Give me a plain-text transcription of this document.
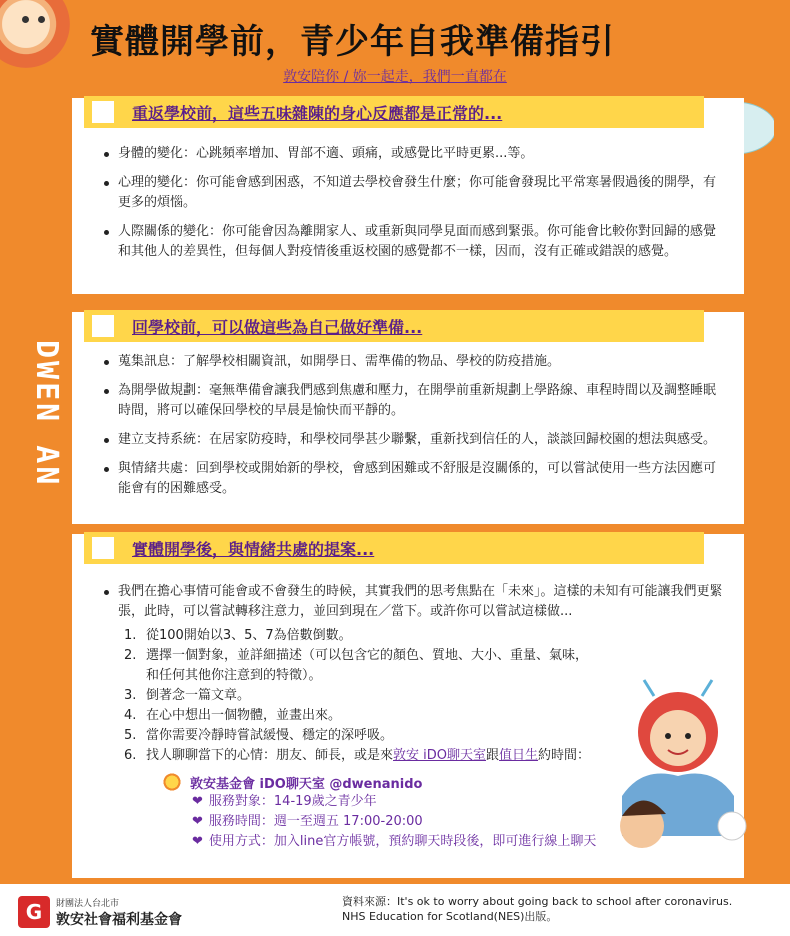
實體開學前，青少年自我準備指引
敦安陪你 / 妳一起走，我們一直都在
DWEN AN
重返學校前，這些五味雜陳的身心反應都是正常的...
身體的變化：心跳頻率增加、胃部不適、頭痛，或感覺比平時更累...等。
心理的變化：你可能會感到困惑，不知道去學校會發生什麼；你可能會發現比平常寒暑假過後的開學，有更多的煩惱。
人際關係的變化：你可能會因為離開家人、或重新與同學見面而感到緊張。你可能會比較你對回歸的感覺和其他人的差異性，但每個人對疫情後重返校園的感覺都不一樣，因而，沒有正確或錯誤的感覺。
回學校前，可以做這些為自己做好準備...
蒐集訊息：了解學校相關資訊，如開學日、需準備的物品、學校的防疫措施。
為開學做規劃：毫無準備會讓我們感到焦慮和壓力，在開學前重新規劃上學路線、車程時間以及調整睡眠時間，將可以確保回學校的早晨是愉快而平靜的。
建立支持系統：在居家防疫時，和學校同學甚少聯繫，重新找到信任的人，談談回歸校園的想法與感受。
與情緒共處：回到學校或開始新的學校，會感到困難或不舒服是沒關係的，可以嘗試使用一些方法因應可能會有的困難感受。
實體開學後，與情緒共處的提案...
我們在擔心事情可能會或不會發生的時候，其實我們的思考焦點在「未來」。這樣的未知有可能讓我們更緊張，此時，可以嘗試轉移注意力，並回到現在／當下。或許你可以嘗試這樣做...
1. 從100開始以3、5、7為倍數倒數。
2. 選擇一個對象，並詳細描述（可以包含它的顏色、質地、大小、重量、氣味，和任何其他你注意到的特徵）。
3. 倒著念一篇文章。
4. 在心中想出一個物體，並畫出來。
5. 當你需要冷靜時嘗試緩慢、穩定的深呼吸。
6. 找人聊聊當下的心情：朋友、師長，或是來敦安 iDO聊天室跟值日生約時間：
敦安基金會 iDO聊天室 @dwenanido
❤ 服務對象：14-19歲之青少年
❤ 服務時間：週一至週五 17:00-20:00
❤ 使用方式：加入line官方帳號，預約聊天時段後，即可進行線上聊天
G	財團法人台北市
敦安社會福利基金會
資料來源：It's ok to worry about going back to school after coronavirus.
NHS Education for Scotland(NES)出版。
